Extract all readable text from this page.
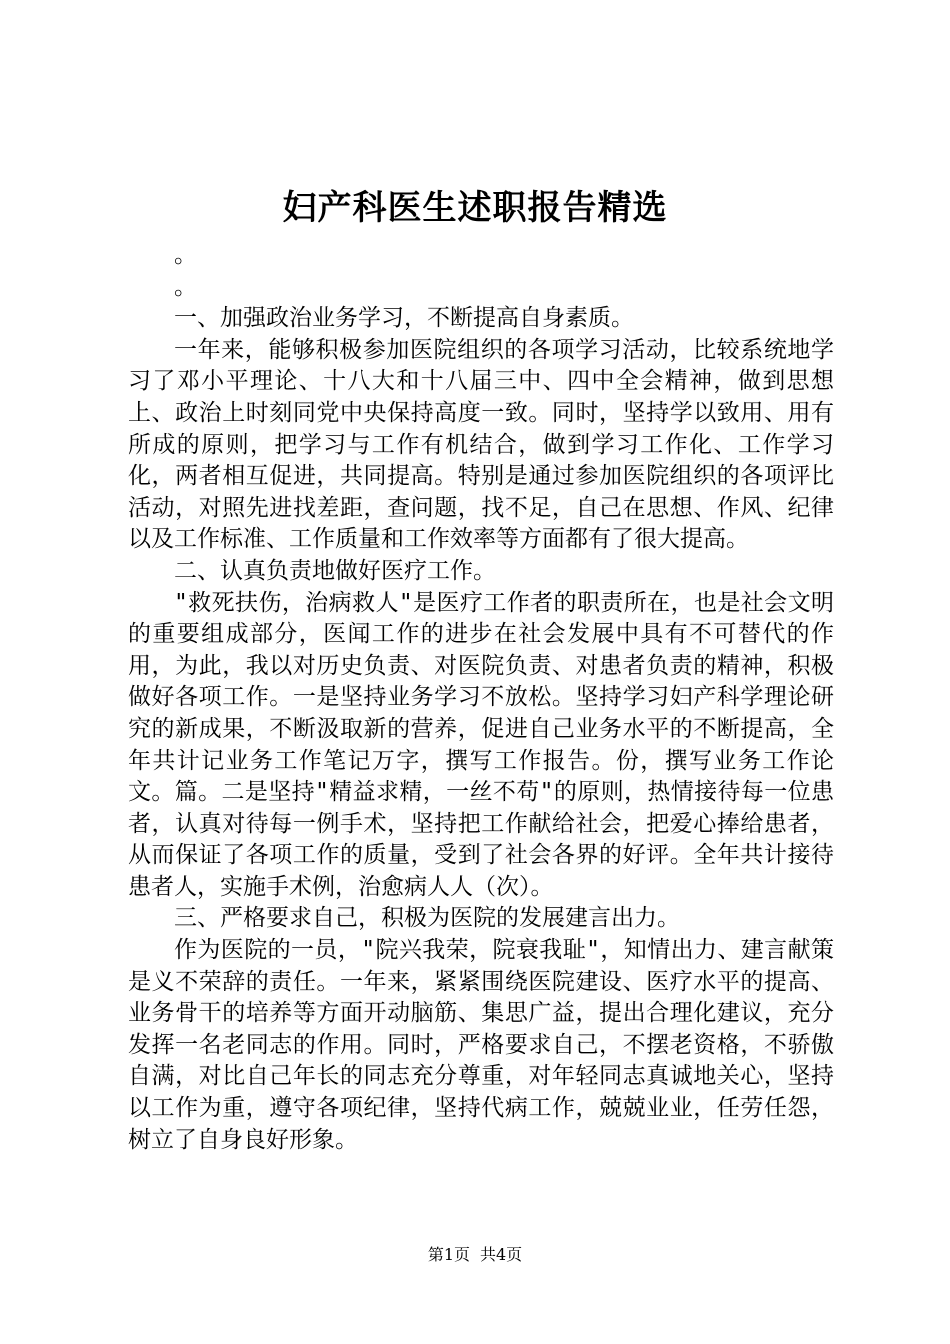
妇产科医生述职报告精选

。

。

一、加强政治业务学习，不断提高自身素质。

一年来，能够积极参加医院组织的各项学习活动，比较系统地学习了邓小平理论、十八大和十八届三中、四中全会精神，做到思想上、政治上时刻同党中央保持高度一致。同时，坚持学以致用、用有所成的原则，把学习与工作有机结合，做到学习工作化、工作学习化，两者相互促进，共同提高。特别是通过参加医院组织的各项评比活动，对照先进找差距，查问题，找不足，自己在思想、作风、纪律以及工作标准、工作质量和工作效率等方面都有了很大提高。

二、认真负责地做好医疗工作。

"救死扶伤，治病救人"是医疗工作者的职责所在，也是社会文明的重要组成部分，医闻工作的进步在社会发展中具有不可替代的作用，为此，我以对历史负责、对医院负责、对患者负责的精神，积极做好各项工作。一是坚持业务学习不放松。坚持学习妇产科学理论研究的新成果，不断汲取新的营养，促进自己业务水平的不断提高，全年共计记业务工作笔记万字，撰写工作报告。份，撰写业务工作论文。篇。二是坚持"精益求精，一丝不苟"的原则，热情接待每一位患者，认真对待每一例手术，坚持把工作献给社会，把爱心捧给患者，从而保证了各项工作的质量，受到了社会各界的好评。全年共计接待患者人，实施手术例，治愈病人人（次）。

三、严格要求自己，积极为医院的发展建言出力。

作为医院的一员，"院兴我荣，院衰我耻"，知情出力、建言献策是义不荣辞的责任。一年来，紧紧围绕医院建设、医疗水平的提高、业务骨干的培养等方面开动脑筋、集思广益，提出合理化建议，充分发挥一名老同志的作用。同时，严格要求自己，不摆老资格，不骄傲自满，对比自己年长的同志充分尊重，对年轻同志真诚地关心，坚持以工作为重，遵守各项纪律，坚持代病工作，兢兢业业，任劳任怨，树立了自身良好形象。

第1页 共4页
